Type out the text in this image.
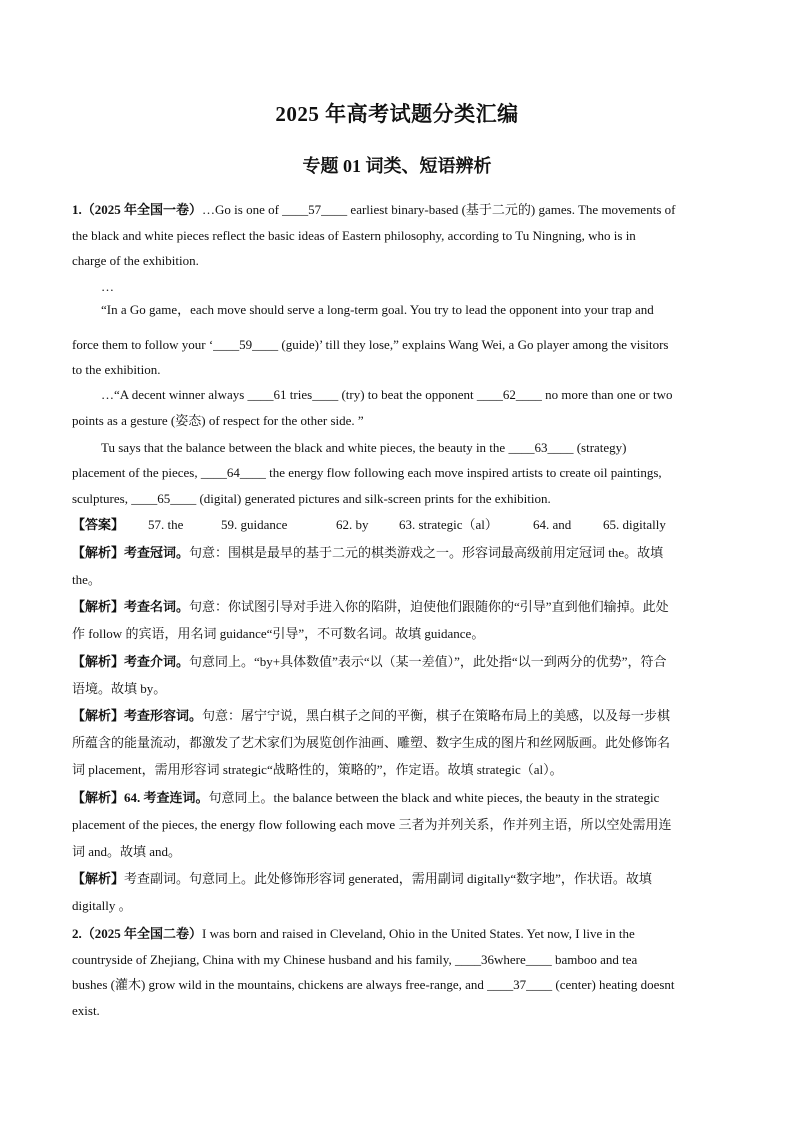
2025 年高考试题分类汇编
专题 01 词类、短语辨析
1.（2025 年全国一卷）…Go is one of ____57____ earliest binary-based (基于二元的) games. The movements of
the black and white pieces reflect the basic ideas of Eastern philosophy, according to Tu Ningning, who is in
charge of the exhibition.
…
“In a Go game，each move should serve a long-term goal. You try to lead the opponent into your trap and
force them to follow your ‘____59____ (guide)’ till they lose,” explains Wang Wei, a Go player among the visitors
to the exhibition.
…“A decent winner always ____61 tries____ (try) to beat the opponent ____62____ no more than one or two
points as a gesture (姿态) of respect for the other side. ”
Tu says that the balance between the black and white pieces, the beauty in the ____63____ (strategy)
placement of the pieces, ____64____ the energy flow following each move inspired artists to create oil paintings,
sculptures, ____65____ (digital) generated pictures and silk-screen prints for the exhibition.
【答案】 57. the	59. guidance	62. by 63. strategic（al）	64. and 65. digitally
【解析】考查冠词。句意：围棋是最早的基于二元的棋类游戏之一。形容词最高级前用定冠词 the。故填
the。
【解析】考查名词。句意：你试图引导对手进入你的陷阱，迫使他们跟随你的“引导”直到他们输掉。此处
作 follow 的宾语，用名词 guidance“引导”，不可数名词。故填 guidance。
【解析】考查介词。句意同上。“by+具体数值”表示“以（某一差值）”，此处指“以一到两分的优势”，符合
语境。故填 by。
【解析】考查形容词。句意：屠宁宁说，黑白棋子之间的平衡，棋子在策略布局上的美感，以及每一步棋
所蕴含的能量流动，都激发了艺术家们为展览创作油画、雕塑、数字生成的图片和丝网版画。此处修饰名
词 placement，需用形容词 strategic“战略性的，策略的”，作定语。故填 strategic（al）。
【解析】64. 考查连词。句意同上。the balance between the black and white pieces, the beauty in the strategic
placement of the pieces, the energy flow following each move 三者为并列关系，作并列主语，所以空处需用连
词 and。故填 and。
【解析】考查副词。句意同上。此处修饰形容词 generated，需用副词 digitally“数字地”，作状语。故填
digitally 。
2.（2025 年全国二卷）I was born and raised in Cleveland, Ohio in the United States. Yet now, I live in the
countryside of Zhejiang, China with my Chinese husband and his family, ____36where____ bamboo and tea
bushes (灌木) grow wild in the mountains, chickens are always free-range, and ____37____ (center) heating doesnt
exist.
